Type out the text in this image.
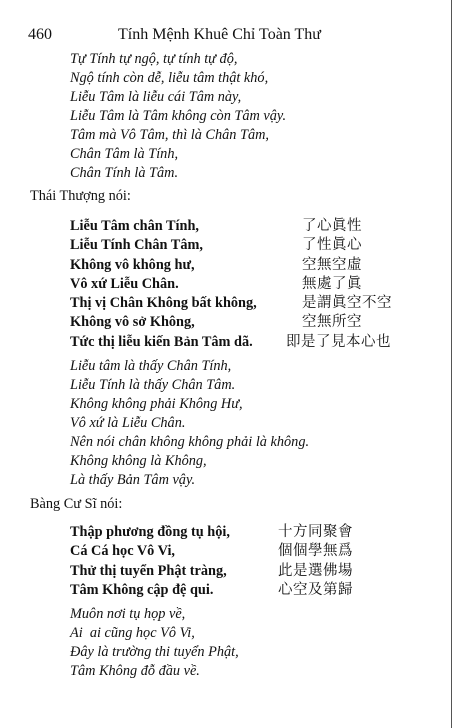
460	Tính Mệnh Khuê Chỉ Toàn Thư
Tự Tính tự ngộ, tự tính tự độ,
Ngộ tính còn dễ, liễu tâm thật khó,
Liễu Tâm là liễu cái Tâm này,
Liễu Tâm là Tâm không còn Tâm vậy.
Tâm mà Vô Tâm, thì là Chân Tâm,
Chân Tâm là Tính,
Chân Tính là Tâm.
Thái Thượng nói:
Liễu Tâm chân Tính,	了心眞性
Liễu Tính Chân Tâm,	了性眞心
Không vô không hư,	空無空虛
Vô xứ Liễu Chân.	無處了眞
Thị vị Chân Không bất không,	是謂眞空不空
Không vô sở Không,	空無所空
Tức thị liễu kiến Bản Tâm dã.	即是了見本心也
Liễu tâm là thấy Chân Tính,
Liễu Tính là thấy Chân Tâm.
Không không phải Không Hư,
Vô xứ là Liễu Chân.
Nên nói chân không không phải là không.
Không không là Không,
Là thấy Bản Tâm vậy.
Bàng Cư Sĩ nói:
Thập phương đồng tụ hội,	十方同聚會
Cá Cá học Vô Vi,	個個學無爲
Thử thị tuyển Phật tràng,	此是選佛場
Tâm Không cập đệ qui.	心空及第歸
Muôn nơi tụ họp về,
Ai  ai cũng học Vô Vi,
Đây là trường thi tuyển Phật,
Tâm Không đỗ đầu về.
